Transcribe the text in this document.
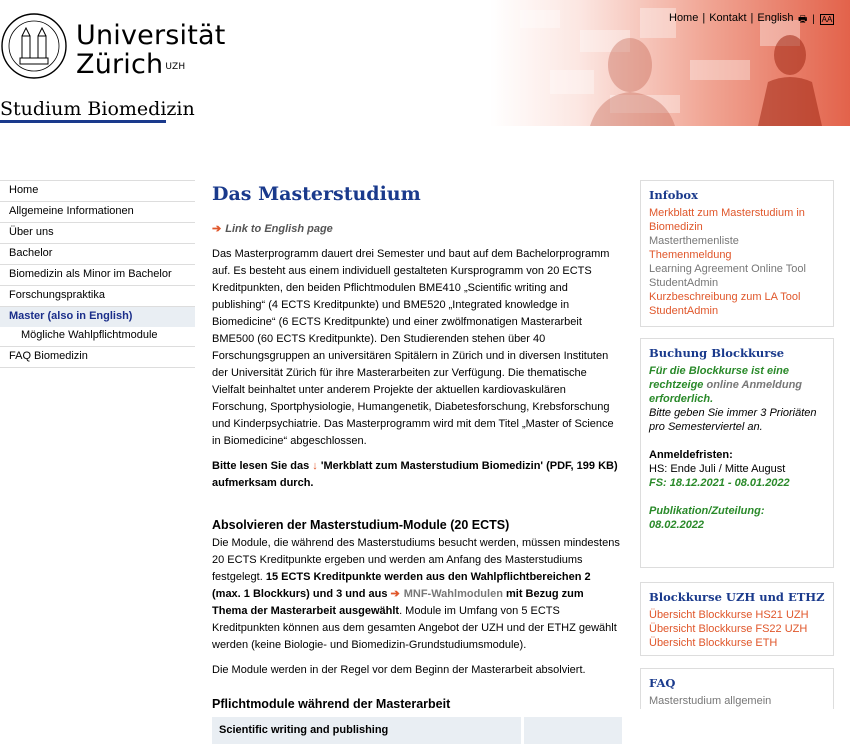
Universität
Zürich $^{UZH}$
Studium Biomedizin
Home | Kontakt | English 🖶 | AA
Home
Allgemeine Informationen
Über uns
Bachelor
Biomedizin als Minor im Bachelor
Forschungspraktika
Master (also in English)
Mögliche Wahlpflichtmodule
FAQ Biomedizin
Das Masterstudium
➔ Link to English page

Das Masterprogramm dauert drei Semester und baut auf dem Bachelorprogramm auf. Es besteht aus einem individuell gestalteten Kursprogramm von 20 ECTS Kreditpunkten, den beiden Pflichtmodulen BME410 „Scientific writing and publishing“ (4 ECTS Kreditpunkte) und BME520 „Integrated knowledge in Biomedicine“ (6 ECTS Kreditpunkte) und einer zwölfmonatigen Masterarbeit BME500 (60 ECTS Kreditpunkte). Den Studierenden stehen über 40 Forschungsgruppen an universitären Spitälern in Zürich und in diversen Instituten der Universität Zürich für ihre Masterarbeiten zur Verfügung. Die thematische Vielfalt beinhaltet unter anderem Projekte der aktuellen kardiovaskulären Forschung, Sportphysiologie, Humangenetik, Diabetesforschung, Krebsforschung und Kinderpsychiatrie. Das Masterprogramm wird mit dem Titel „Master of Science in Biomedicine“ abgeschlossen.

Bitte lesen Sie das ↓ 'Merkblatt zum Masterstudium Biomedizin' (PDF, 199 KB) aufmerksam durch.

Absolvieren der Masterstudium-Module (20 ECTS)

Die Module, die während des Masterstudiums besucht werden, müssen mindestens 20 ECTS Kreditpunkte ergeben und werden am Anfang des Masterstudiums festgelegt. 15 ECTS Kreditpunkte werden aus den Wahlpflichtbereichen 2 (max. 1 Blockkurs) und 3 und aus ➔ MNF-Wahlmodulen mit Bezug zum Thema der Masterarbeit ausgewählt. Module im Umfang von 5 ECTS Kreditpunkten können aus dem gesamten Angebot der UZH und der ETHZ gewählt werden (keine Biologie- und Biomedizin-Grundstudiumsmodule).

Die Module werden in der Regel vor dem Beginn der Masterarbeit absolviert.

Pflichtmodule während der Masterarbeit
Scientific writing and publishing	
Infobox
Merkblatt zum Masterstudium in Biomedizin
Masterthemenliste
Themenmeldung
Learning Agreement Online Tool StudentAdmin
Kurzbeschreibung zum LA Tool StudentAdmin
Buchung Blockkurse
Für die Blockkurse ist eine rechtzeige online Anmeldung erforderlich.
Bitte geben Sie immer 3 Prioriäten pro Semesterviertel an.
Anmeldefristen:
HS: Ende Juli / Mitte August
FS: 18.12.2021 - 08.01.2022
Publikation/Zuteilung:
08.02.2022
Blockkurse UZH und ETHZ
Übersicht Blockkurse HS21 UZH
Übersicht Blockkurse FS22 UZH
Übersicht Blockkurse ETH
FAQ
Masterstudium allgemein
